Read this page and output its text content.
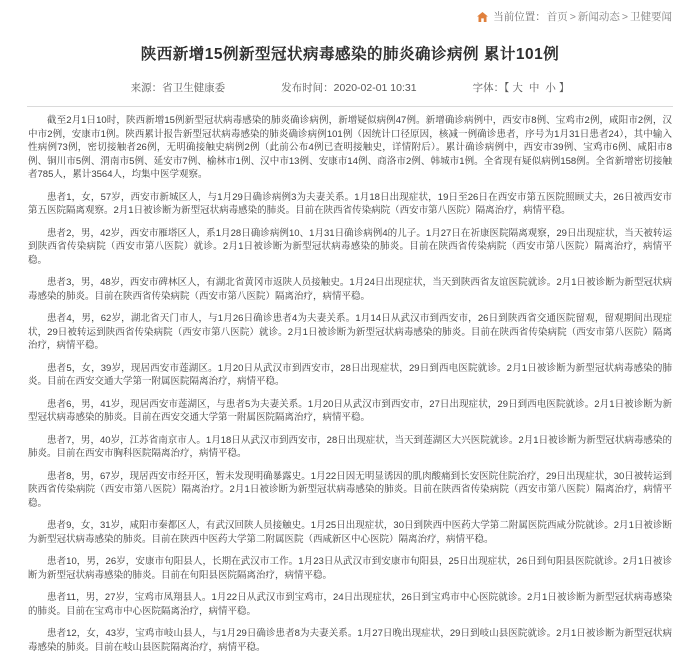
当前位置： 首页 > 新闻动态 > 卫健要闻
陕西新增15例新型冠状病毒感染的肺炎确诊病例 累计101例
来源：省卫生健康委	发布时间：2020-02-01 10:31	字体：【 大 中 小 】

截至2月1日10时，陕西新增15例新型冠状病毒感染的肺炎确诊病例，新增疑似病例47例。新增确诊病例中，西安市8例、宝鸡市2例，咸阳市2例，汉中市2例，安康市1例。陕西累计报告新型冠状病毒感染的肺炎确诊病例101例（因统计口径原因，核减一例确诊患者，序号为1月31日患者24），其中输入性病例73例，密切接触者26例，无明确接触史病例2例（此前公布4例已查明接触史，详情附后）。累计确诊病例中，西安市39例、宝鸡市6例、咸阳市8例、铜川市5例、渭南市5例、延安市7例、榆林市1例、汉中市13例、安康市14例、商洛市2例、韩城市1例。全省现有疑似病例158例。全省新增密切接触者785人，累计3564人，均集中医学观察。

患者1，女，57岁，西安市新城区人，与1月29日确诊病例3为夫妻关系。1月18日出现症状，19日至26日在西安市第五医院照顾丈夫，26日被西安市第五医院隔离观察。2月1日被诊断为新型冠状病毒感染的肺炎。目前在陕西省传染病院（西安市第八医院）隔离治疗，病情平稳。

患者2，男，42岁，西安市雁塔区人，系1月28日确诊病例10、1月31日确诊病例4的儿子。1月27日在祈康医院隔离观察，29日出现症状，当天被转运到陕西省传染病院（西安市第八医院）就诊。2月1日被诊断为新型冠状病毒感染的肺炎。目前在陕西省传染病院（西安市第八医院）隔离治疗，病情平稳。

患者3，男，48岁，西安市碑林区人，有湖北省黄冈市返陕人员接触史。1月24日出现症状，当天到陕西省友谊医院就诊。2月1日被诊断为新型冠状病毒感染的肺炎。目前在陕西省传染病院（西安市第八医院）隔离治疗，病情平稳。

患者4，男，62岁，湖北省天门市人，与1月26日确诊患者4为夫妻关系。1月14日从武汉市到西安市，26日到陕西省交通医院留观，留观期间出现症状，29日被转运到陕西省传染病院（西安市第八医院）就诊。2月1日被诊断为新型冠状病毒感染的肺炎。目前在陕西省传染病院（西安市第八医院）隔离治疗，病情平稳。

患者5，女，39岁，现居西安市莲湖区。1月20日从武汉市到西安市，28日出现症状，29日到西电医院就诊。2月1日被诊断为新型冠状病毒感染的肺炎。目前在西安交通大学第一附属医院隔离治疗，病情平稳。

患者6，男，41岁，现居西安市莲湖区，与患者5为夫妻关系。1月20日从武汉市到西安市，27日出现症状，29日到西电医院就诊。2月1日被诊断为新型冠状病毒感染的肺炎。目前在西安交通大学第一附属医院隔离治疗，病情平稳。

患者7，男，40岁，江苏省南京市人。1月18日从武汉市到西安市，28日出现症状，当天到莲湖区大兴医院就诊。2月1日被诊断为新型冠状病毒感染的肺炎。目前在西安市胸科医院隔离治疗，病情平稳。

患者8，男，67岁，现居西安市经开区，暂未发现明确暴露史。1月22日因无明显诱因的肌肉酸痛到长安医院住院治疗，29日出现症状，30日被转运到陕西省传染病院（西安市第八医院）隔离治疗。2月1日被诊断为新型冠状病毒感染的肺炎。目前在陕西省传染病院（西安市第八医院）隔离治疗，病情平稳。

患者9，女，31岁，咸阳市秦都区人，有武汉回陕人员接触史。1月25日出现症状，30日到陕西中医药大学第二附属医院西咸分院就诊。2月1日被诊断为新型冠状病毒感染的肺炎。目前在陕西中医药大学第二附属医院（西咸新区中心医院）隔离治疗，病情平稳。

患者10，男，26岁，安康市旬阳县人，长期在武汉市工作。1月23日从武汉市到安康市旬阳县，25日出现症状，26日到旬阳县医院就诊。2月1日被诊断为新型冠状病毒感染的肺炎。目前在旬阳县医院隔离治疗，病情平稳。

患者11，男，27岁，宝鸡市凤翔县人。1月22日从武汉市到宝鸡市，24日出现症状，26日到宝鸡市中心医院就诊。2月1日被诊断为新型冠状病毒感染的肺炎。目前在宝鸡市中心医院隔离治疗，病情平稳。

患者12，女，43岁，宝鸡市岐山县人，与1月29日确诊患者8为夫妻关系。1月27日晚出现症状，29日到岐山县医院就诊。2月1日被诊断为新型冠状病毒感染的肺炎。目前在岐山县医院隔离治疗，病情平稳。
